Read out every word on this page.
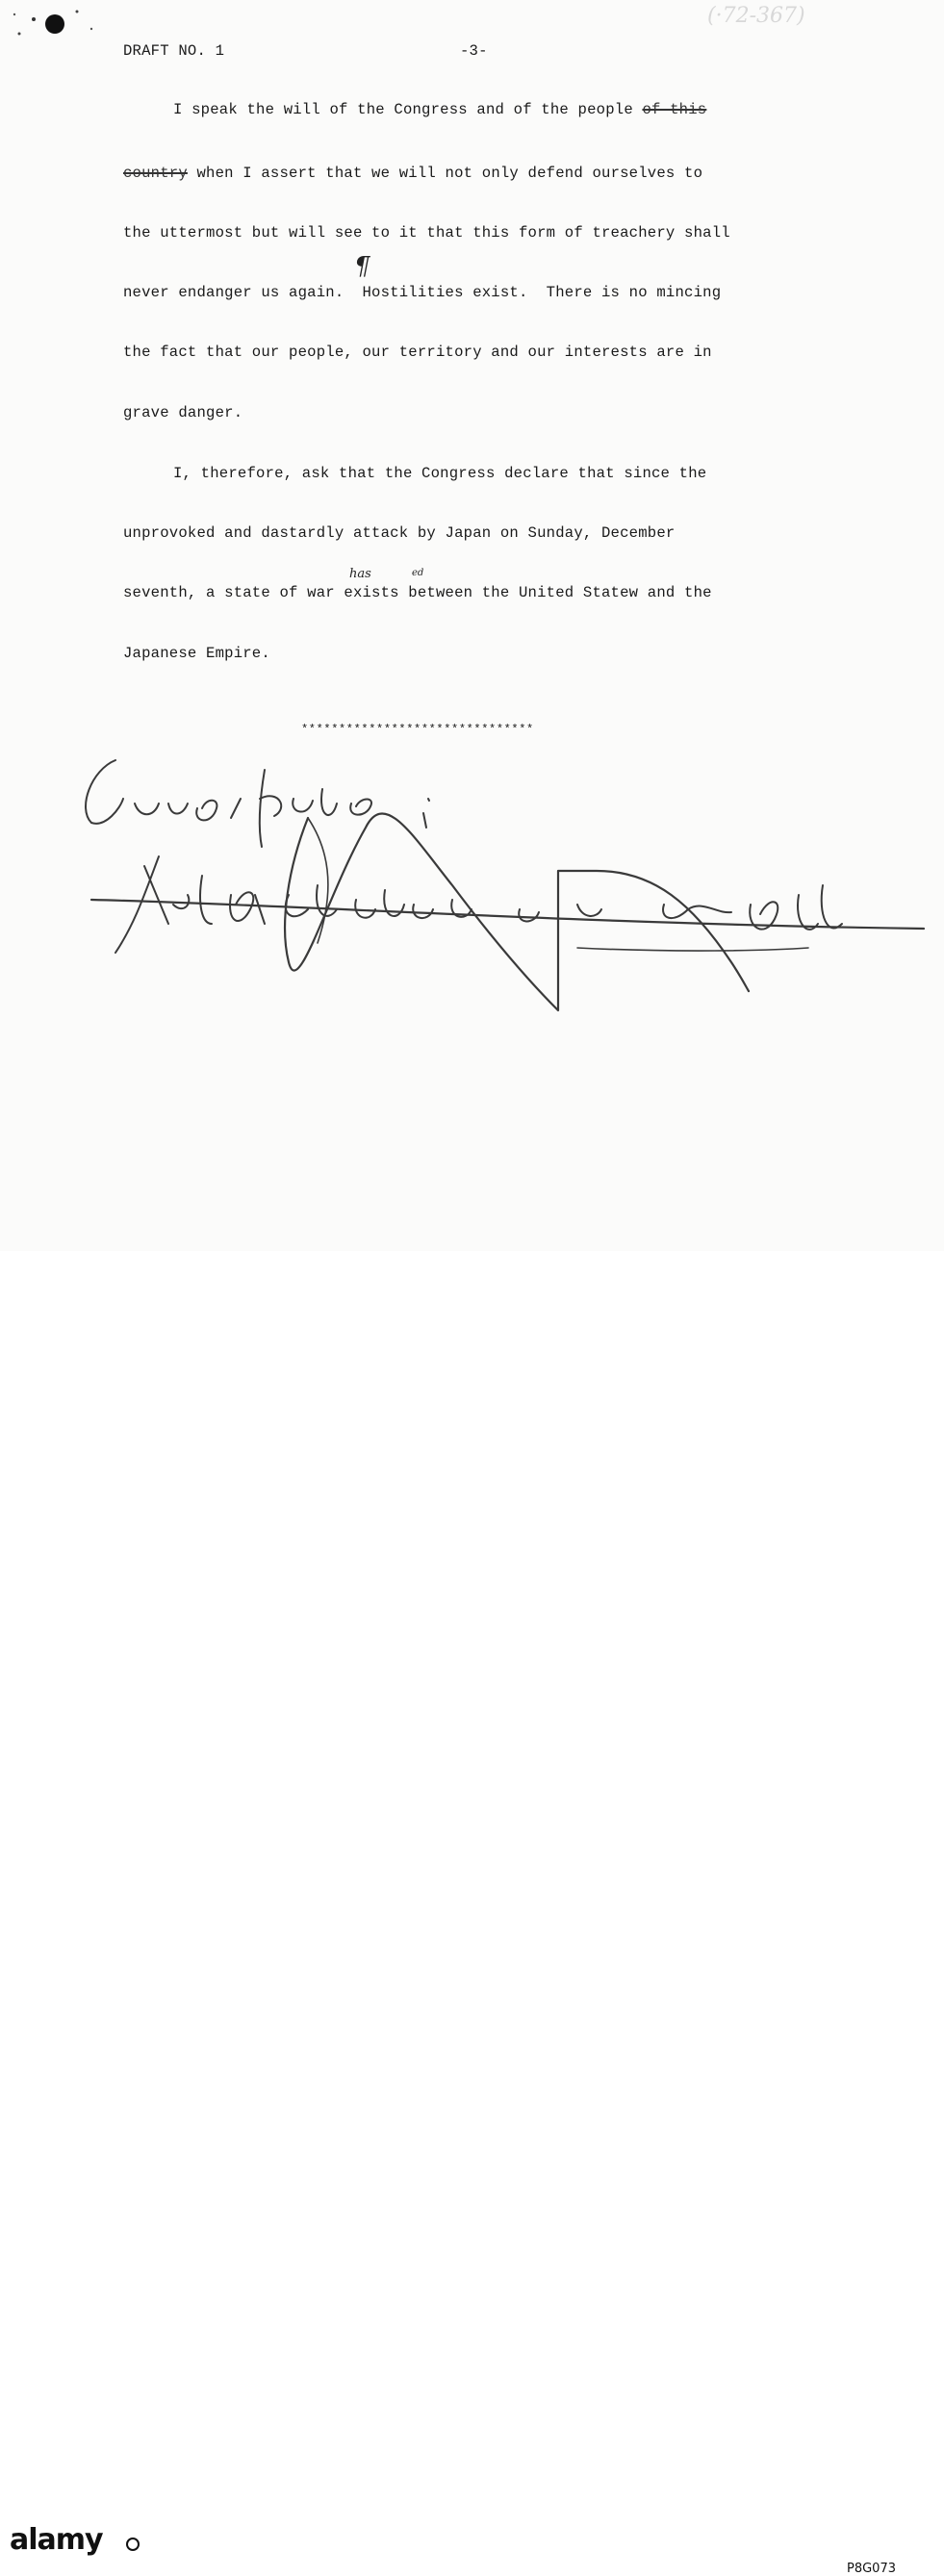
DRAFT NO. 1	-3-
(·72-367)
I speak the will of the Congress and of the people of this
country when I assert that we will not only defend ourselves to
the uttermost but will see to it that this form of treachery shall
never endanger us again.  Hostilities exist.  There is no mincing
the fact that our people, our territory and our interests are in
grave danger.
I, therefore, ask that the Congress declare that since the
unprovoked and dastardly attack by Japan on Sunday, December
seventh, a state of war exists between the United Statew and the
Japanese Empire.
¶
has	ed
*******************************
alamy
P8G073
